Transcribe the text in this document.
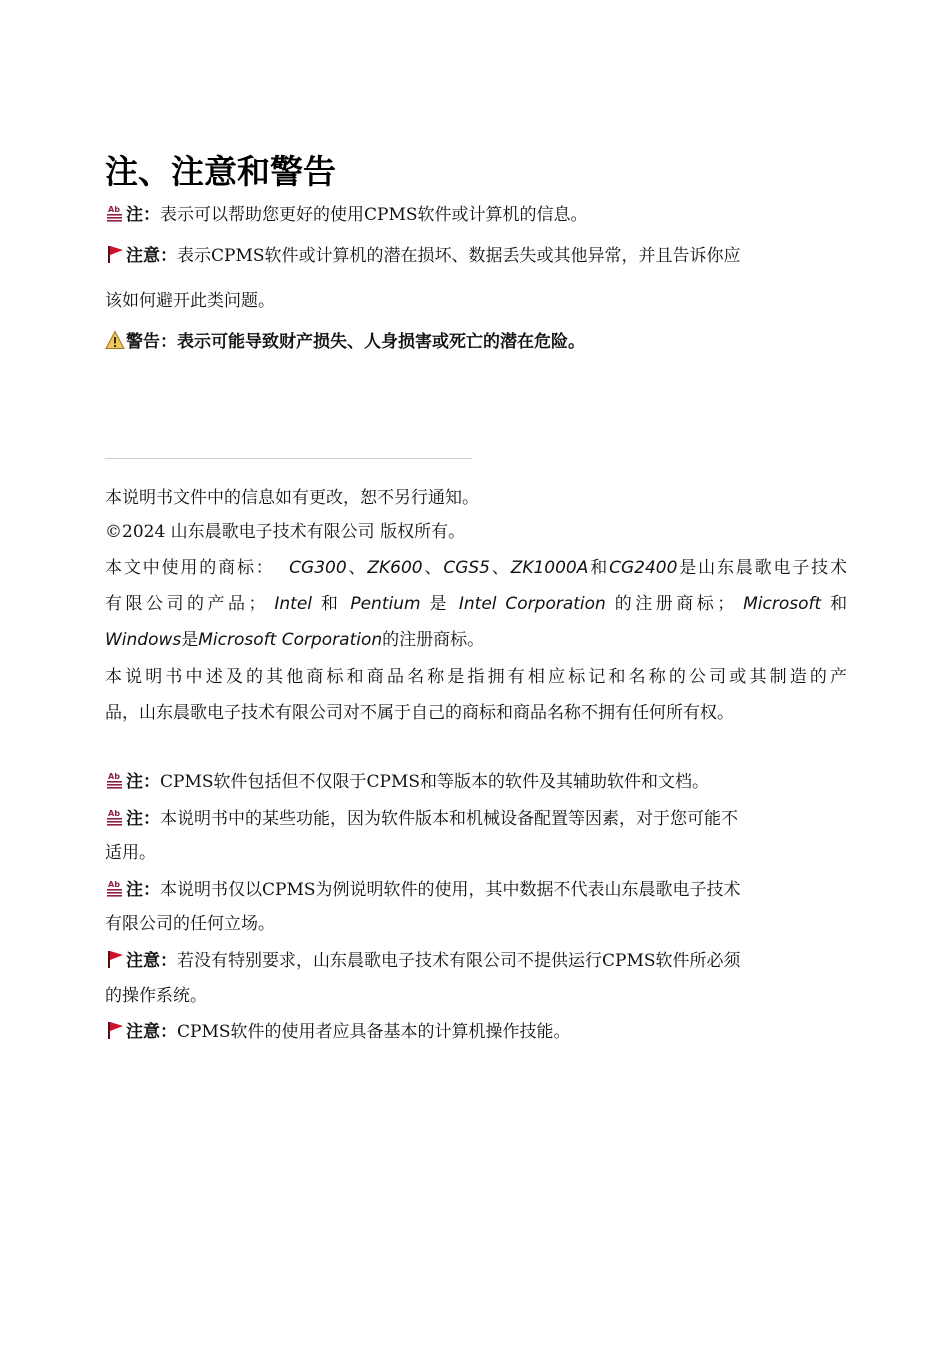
注、注意和警告
Ab 注：表示可以帮助您更好的使用CPMS软件或计算机的信息。
注意：表示CPMS软件或计算机的潜在损坏、数据丢失或其他异常，并且告诉你应
该如何避开此类问题。
警告：表示可能导致财产损失、人身损害或死亡的潜在危险。
本说明书文件中的信息如有更改，恕不另行通知。
©2024 山东晨歌电子技术有限公司 版权所有。
本文中使用的商标： CG300、ZK600、CGS5、ZK1000A和CG2400是山东晨歌电子技术
有限公司的产品； Intel 和 Pentium 是 Intel Corporation 的注册商标； Microsoft 和
Windows是Microsoft Corporation的注册商标。
本说明书中述及的其他商标和商品名称是指拥有相应标记和名称的公司或其制造的产
品，山东晨歌电子技术有限公司对不属于自己的商标和商品名称不拥有任何所有权。
Ab 注：CPMS软件包括但不仅限于CPMS和等版本的软件及其辅助软件和文档。
Ab 注：本说明书中的某些功能，因为软件版本和机械设备配置等因素，对于您可能不
适用。
Ab 注：本说明书仅以CPMS为例说明软件的使用，其中数据不代表山东晨歌电子技术
有限公司的任何立场。
注意：若没有特别要求，山东晨歌电子技术有限公司不提供运行CPMS软件所必须
的操作系统。
注意：CPMS软件的使用者应具备基本的计算机操作技能。
